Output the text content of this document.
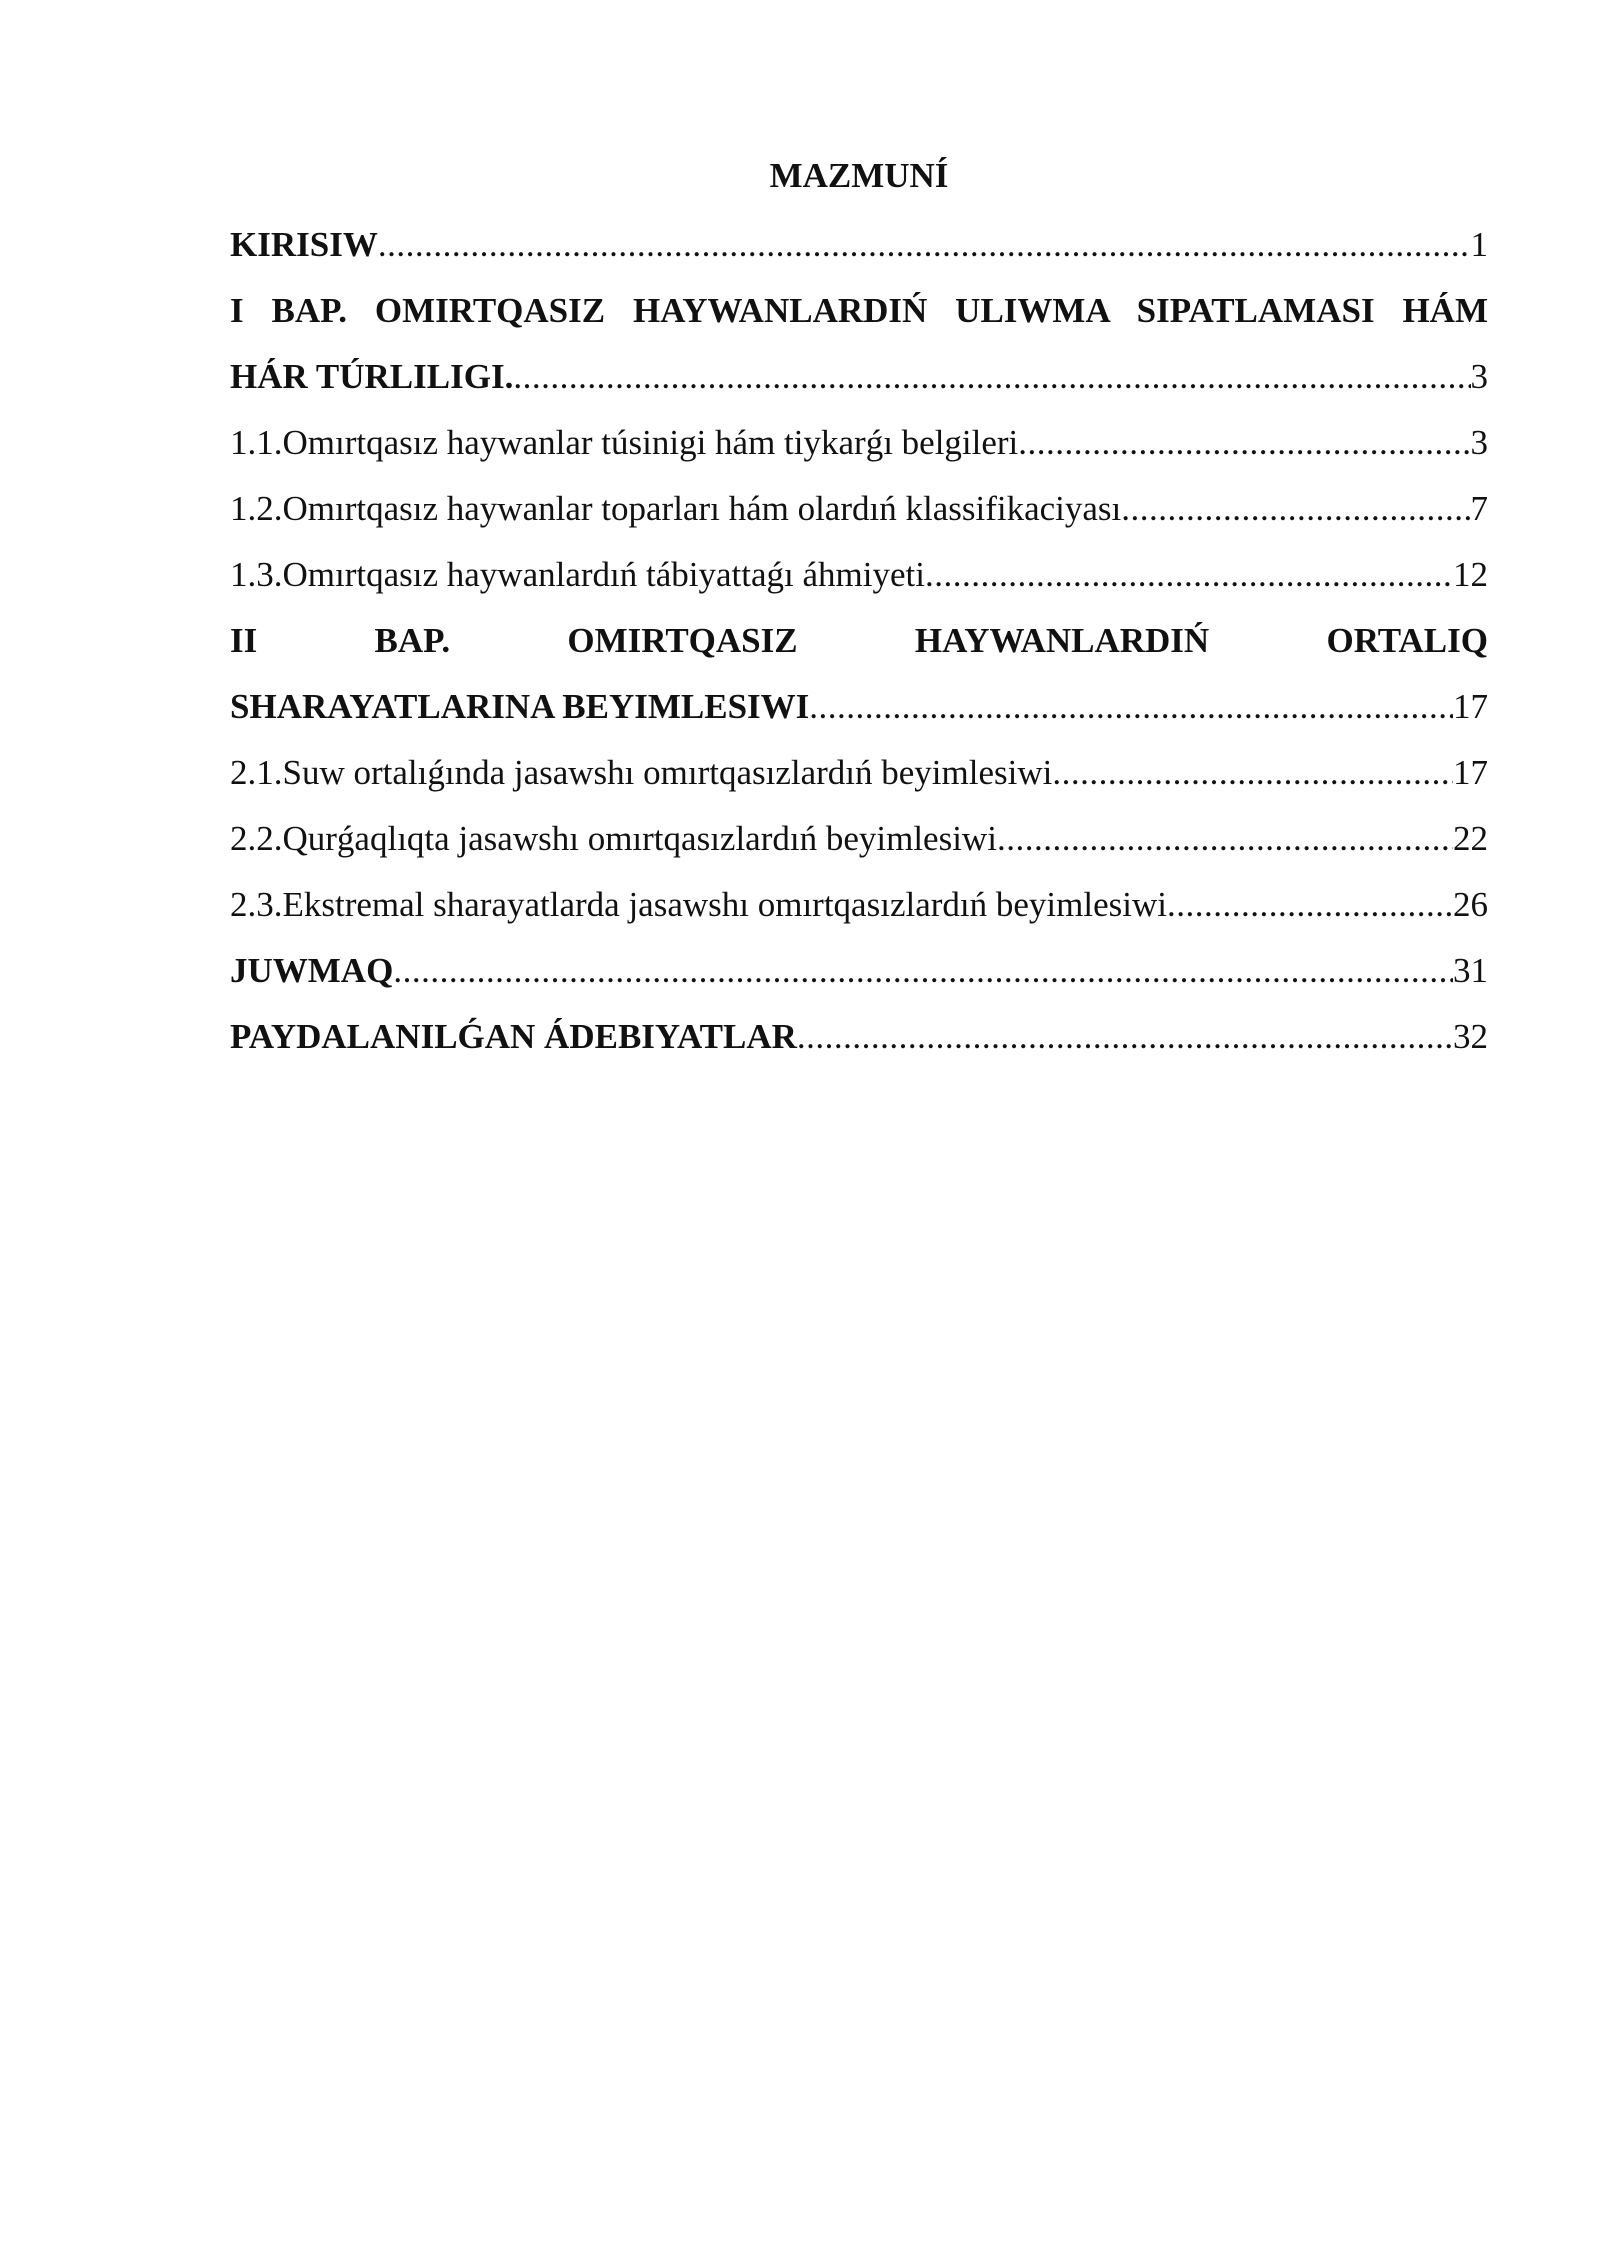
MAZMUNÍ
KIRISIW .....	1
I BAP. OMIRTQASIZ HAYWANLARDIŃ ULIWMA SIPATLAMASI HÁM
HÁR TÚRLILIGI. .....	3
1.1.Omırtqasız haywanlar túsinigi hám tiykarǵı belgileri .....	3
1.2.Omırtqasız haywanlar toparları hám olardıń klassifikaciyası .....	7
1.3.Omırtqasız haywanlardıń tábiyattaǵı áhmiyeti .....	12
II BAP. OMIRTQASIZ HAYWANLARDIŃ ORTALIQ
SHARAYATLARINA BEYIMLESIWI .....	17
2.1.Suw ortalıǵında jasawshı omırtqasızlardıń beyimlesiwi .....	17
2.2.Qurǵaqlıqta jasawshı omırtqasızlardıń beyimlesiwi .....	22
2.3.Ekstremal sharayatlarda jasawshı omırtqasızlardıń beyimlesiwi .....	26
JUWMAQ .....	31
PAYDALANILǴAN ÁDEBIYATLAR .....	32
